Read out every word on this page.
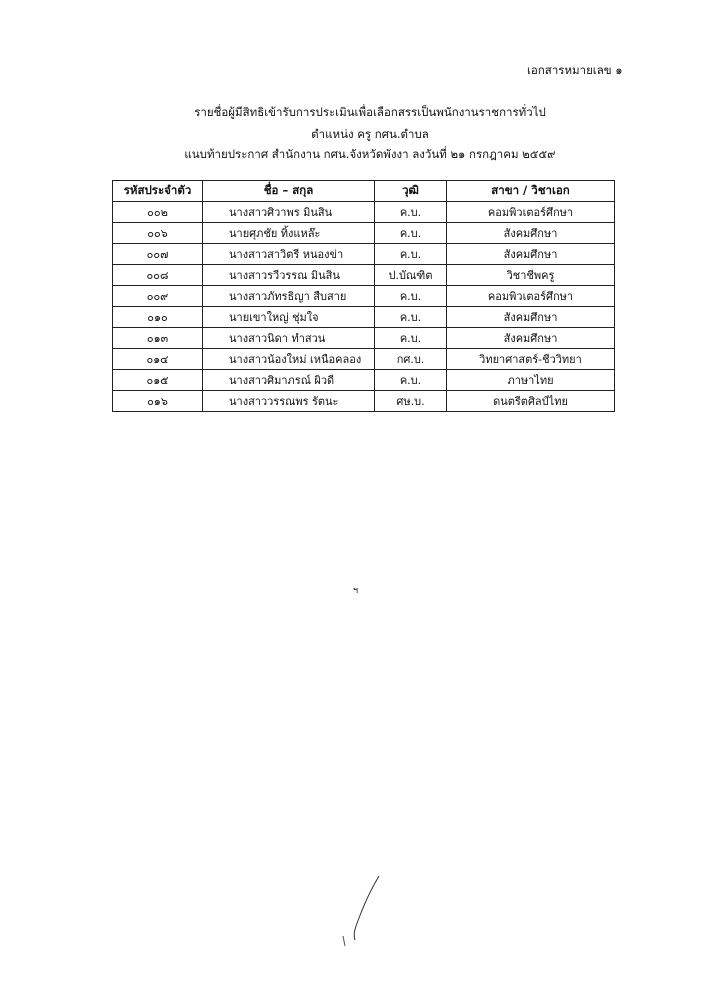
เอกสารหมายเลข ๑
รายชื่อผู้มีสิทธิเข้ารับการประเมินเพื่อเลือกสรรเป็นพนักงานราชการทั่วไป
ตำแหน่ง ครู กศน.ตำบล
แนบท้ายประกาศ สำนักงาน กศน.จังหวัดพังงา ลงวันที่ ๒๑ กรกฎาคม ๒๕๕๙
รหัสประจำตัว	ชื่อ – สกุล	วุฒิ	สาขา / วิชาเอก
๐๐๒	นางสาวศิวาพร มินสิน	ค.บ.	คอมพิวเตอร์ศึกษา
๐๐๖	นายศุภชัย ทิ้งแหล๊ะ	ค.บ.	สังคมศึกษา
๐๐๗	นางสาวสาวิตรี หนองข่า	ค.บ.	สังคมศึกษา
๐๐๘	นางสาวรวีวรรณ มินสิน	ป.บัณฑิต	วิชาชีพครู
๐๐๙	นางสาวภัทรธิญา สืบสาย	ค.บ.	คอมพิวเตอร์ศึกษา
๐๑๐	นายเขาใหญ่ ชุ่มใจ	ค.บ.	สังคมศึกษา
๐๑๓	นางสาวนิดา ทำสวน	ค.บ.	สังคมศึกษา
๐๑๔	นางสาวน้องใหม่ เหนือคลอง	กศ.บ.	วิทยาศาสตร์-ชีววิทยา
๐๑๕	นางสาวศิมาภรณ์ ผิวดี	ค.บ.	ภาษาไทย
๐๑๖	นางสาววรรณพร รัตนะ	ศษ.บ.	ดนตรีตศิลป์ไทย
ฯ
